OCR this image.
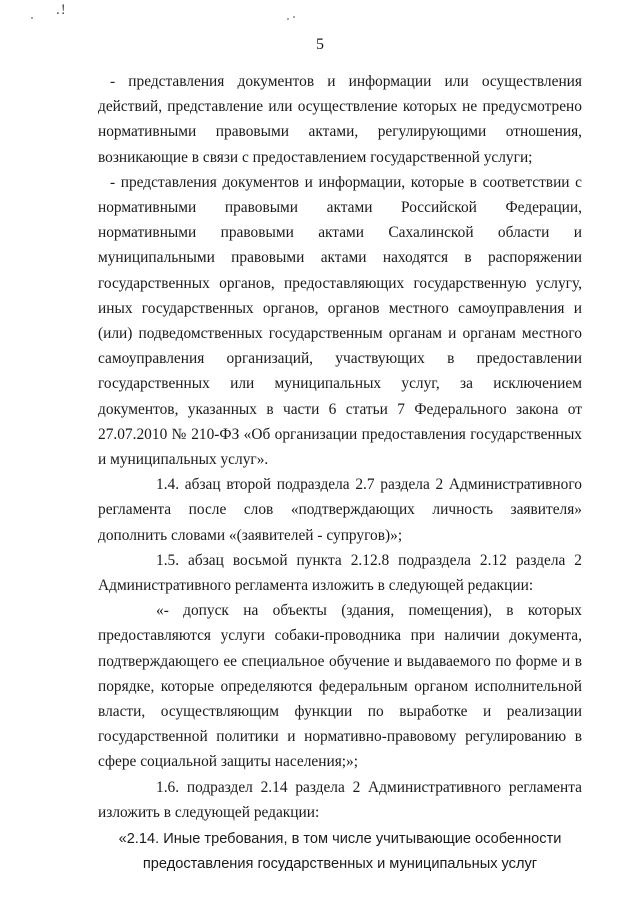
.!
5

- представления документов и информации или осуществления действий, представление или осуществление которых не предусмотрено нормативными правовыми актами, регулирующими отношения, возникающие в связи с предоставлением государственной услуги;

- представления документов и информации, которые в соответствии с нормативными правовыми актами Российской Федерации, нормативными правовыми актами Сахалинской области и муниципальными правовыми актами находятся в распоряжении государственных органов, предоставляющих государственную услугу, иных государственных органов, органов местного самоуправления и (или) подведомственных государственным органам и органам местного самоуправления организаций, участвующих в предоставлении государственных или муниципальных услуг, за исключением документов, указанных в части 6 статьи 7 Федерального закона от 27.07.2010 № 210-ФЗ «Об организации предоставления государственных и муниципальных услуг».

1.4. абзац второй подраздела 2.7 раздела 2 Административного регламента после слов «подтверждающих личность заявителя» дополнить словами «(заявителей - супругов)»;

1.5. абзац восьмой пункта 2.12.8 подраздела 2.12 раздела 2 Административного регламента изложить в следующей редакции:

«- допуск на объекты (здания, помещения), в которых предоставляются услуги собаки-проводника при наличии документа, подтверждающего ее специальное обучение и выдаваемого по форме и в порядке, которые определяются федеральным органом исполнительной власти, осуществляющим функции по выработке и реализации государственной политики и нормативно-правовому регулированию в сфере социальной защиты населения;»;

1.6. подраздел 2.14 раздела 2 Административного регламента изложить в следующей редакции:

«2.14. Иные требования, в том числе учитывающие особенности предоставления государственных и муниципальных услуг
